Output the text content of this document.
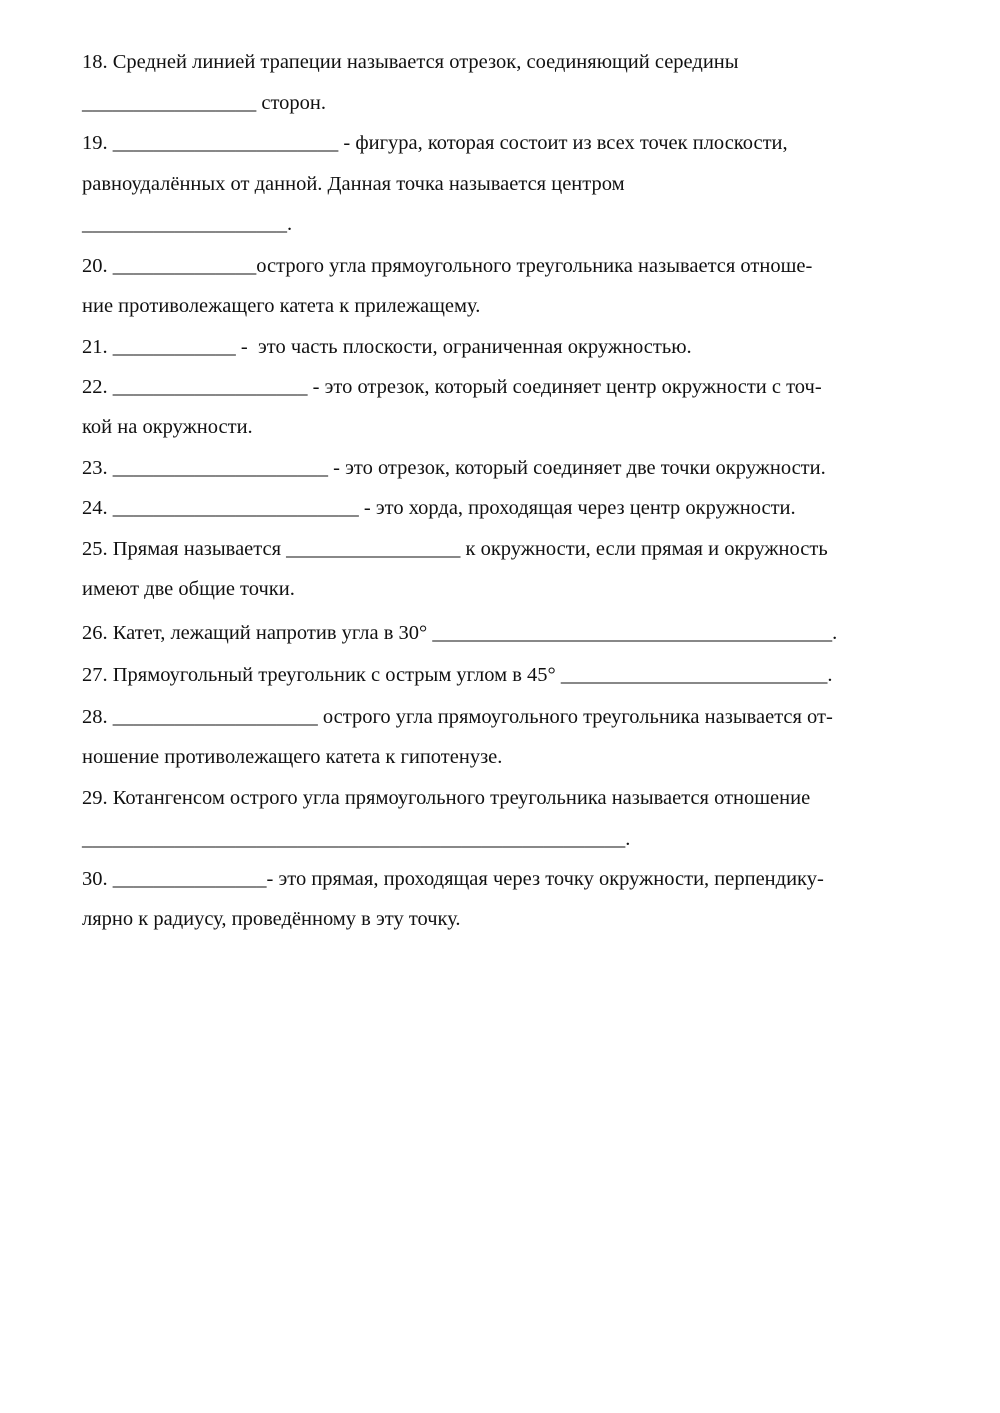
18. Средней линией трапеции называется отрезок, соединяющий середины
_________________ сторон.
19. ______________________ - фигура, которая состоит из всех точек плоскости,
равноудалённых от данной. Данная точка называется центром
____________________.
20. ______________острого угла прямоугольного треугольника называется отноше-
ние противолежащего катета к прилежащему.
21. ____________ -  это часть плоскости, ограниченная окружностью.
22. ___________________ - это отрезок, который соединяет центр окружности с точ-
кой на окружности.
23. _____________________ - это отрезок, который соединяет две точки окружности.
24. ________________________ - это хорда, проходящая через центр окружности.
25. Прямая называется _________________ к окружности, если прямая и окружность
имеют две общие точки.
26. Катет, лежащий напротив угла в 30° _______________________________________.
27. Прямоугольный треугольник с острым углом в 45° __________________________.
28. ____________________ острого угла прямоугольного треугольника называется от-
ношение противолежащего катета к гипотенузе.
29. Котангенсом острого угла прямоугольного треугольника называется отношение
_____________________________________________________.
30. _______________- это прямая, проходящая через точку окружности, перпендику-
лярно к радиусу, проведённому в эту точку.
